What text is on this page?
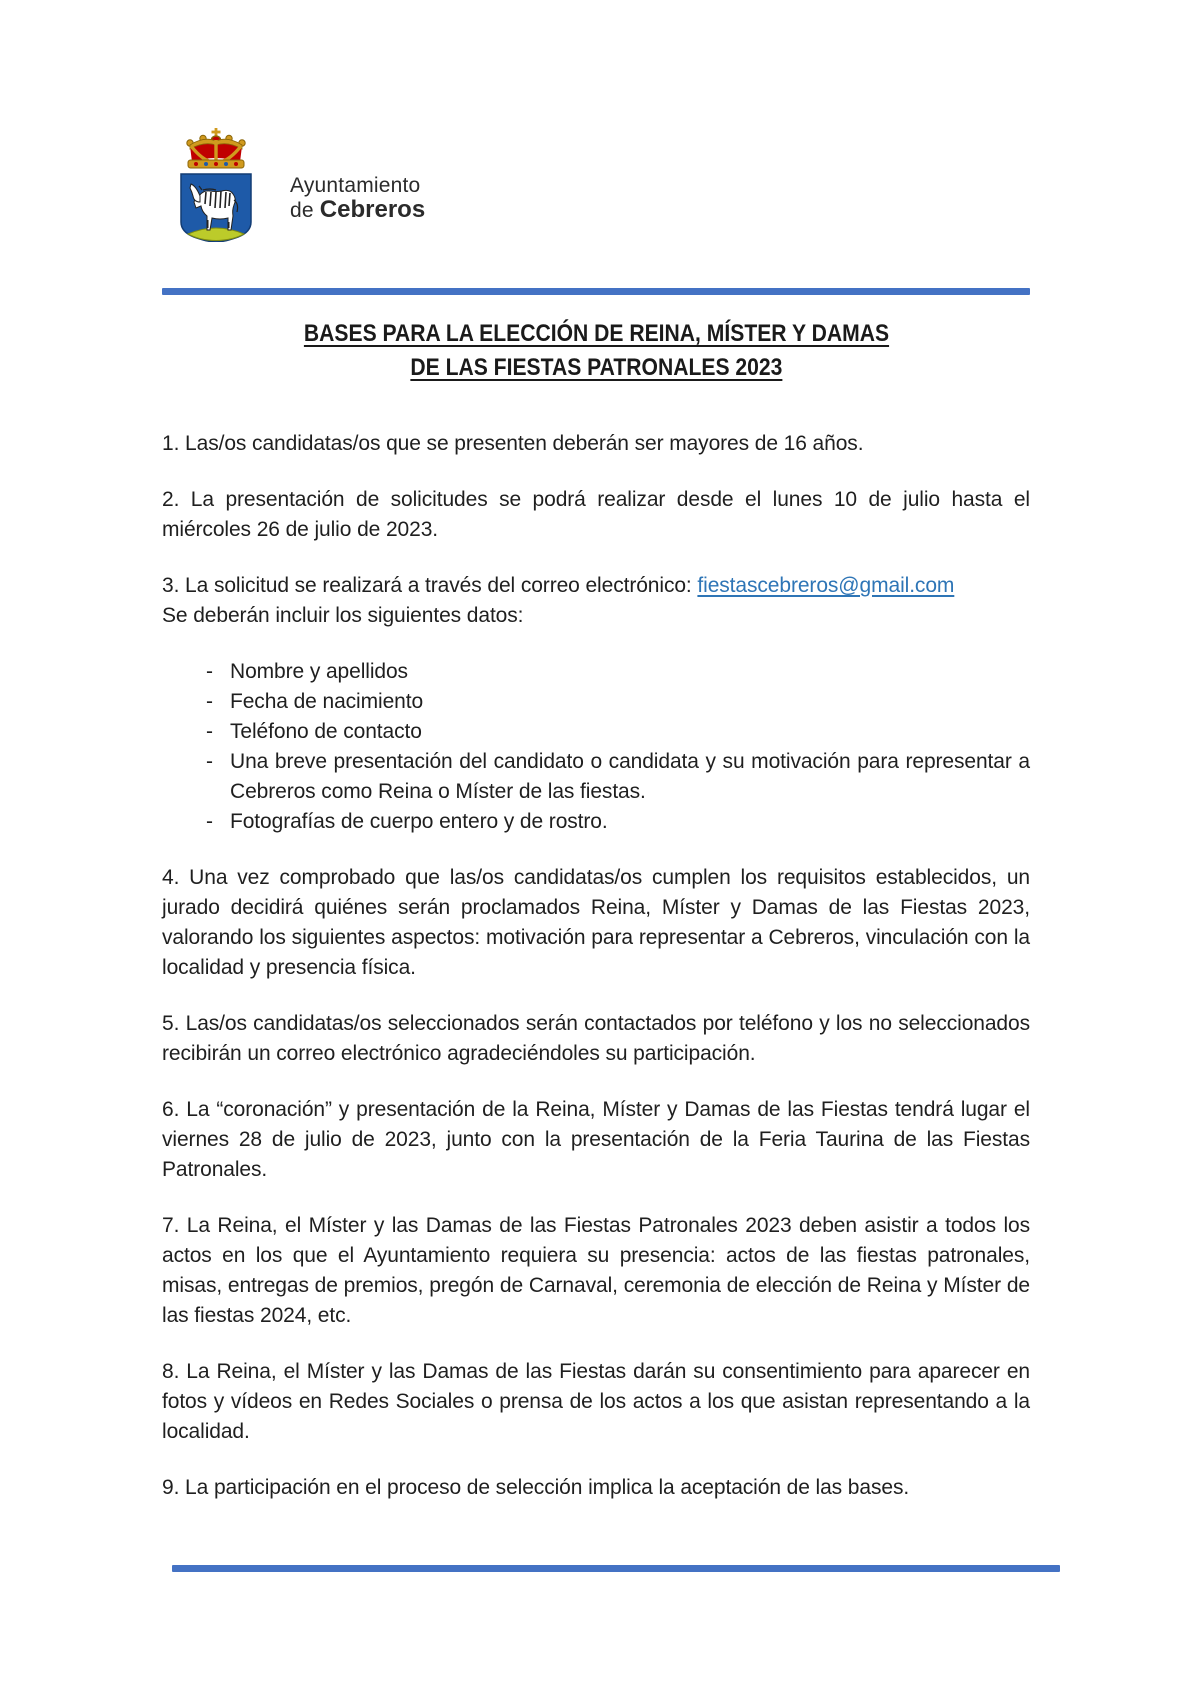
Ayuntamiento
de Cebreros
BASES PARA LA ELECCIÓN DE REINA, MÍSTER Y DAMAS
DE LAS FIESTAS PATRONALES 2023

1. Las/os candidatas/os que se presenten deberán ser mayores de 16 años.

2. La presentación de solicitudes se podrá realizar desde el lunes 10 de julio hasta el miércoles 26 de julio de 2023.

3. La solicitud se realizará a través del correo electrónico: fiestascebreros@gmail.com
Se deberán incluir los siguientes datos:

- Nombre y apellidos
- Fecha de nacimiento
- Teléfono de contacto
- Una breve presentación del candidato o candidata y su motivación para representar a Cebreros como Reina o Míster de las fiestas.
- Fotografías de cuerpo entero y de rostro.

4. Una vez comprobado que las/os candidatas/os cumplen los requisitos establecidos, un jurado decidirá quiénes serán proclamados Reina, Míster y Damas de las Fiestas 2023, valorando los siguientes aspectos: motivación para representar a Cebreros, vinculación con la localidad y presencia física.

5. Las/os candidatas/os seleccionados serán contactados por teléfono y los no seleccionados recibirán un correo electrónico agradeciéndoles su participación.

6. La “coronación” y presentación de la Reina, Míster y Damas de las Fiestas tendrá lugar el viernes 28 de julio de 2023, junto con la presentación de la Feria Taurina de las Fiestas Patronales.

7. La Reina, el Míster y las Damas de las Fiestas Patronales 2023 deben asistir a todos los actos en los que el Ayuntamiento requiera su presencia: actos de las fiestas patronales, misas, entregas de premios, pregón de Carnaval, ceremonia de elección de Reina y Míster de las fiestas 2024, etc.

8. La Reina, el Míster y las Damas de las Fiestas darán su consentimiento para aparecer en fotos y vídeos en Redes Sociales o prensa de los actos a los que asistan representando a la localidad.

9. La participación en el proceso de selección implica la aceptación de las bases.
